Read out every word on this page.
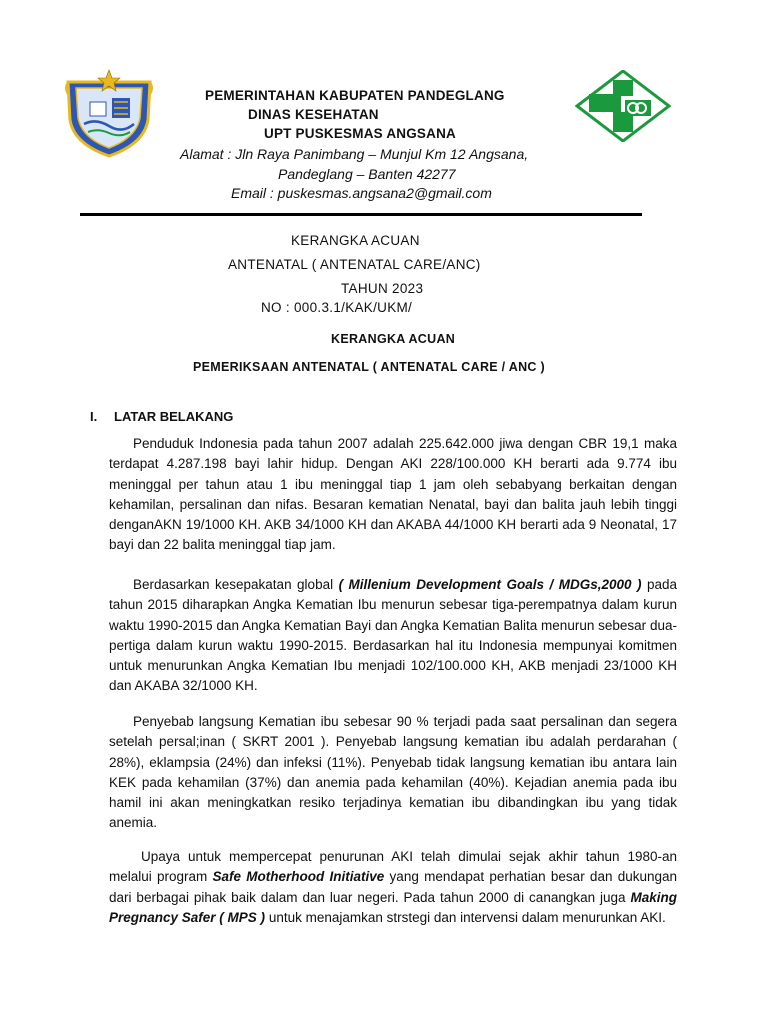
PEMERINTAHAN KABUPATEN PANDEGLANG
DINAS KESEHATAN
UPT PUSKESMAS ANGSANA
Alamat : Jln Raya Panimbang – Munjul Km 12 Angsana,
Pandeglang – Banten 42277
Email : puskesmas.angsana2@gmail.com
KERANGKA ACUAN
ANTENATAL ( ANTENATAL CARE/ANC)
TAHUN 2023
NO : 000.3.1/KAK/UKM/
KERANGKA ACUAN
PEMERIKSAAN ANTENATAL ( ANTENATAL CARE / ANC )
I. LATAR BELAKANG
Penduduk Indonesia pada tahun 2007 adalah 225.642.000 jiwa dengan CBR 19,1 maka terdapat 4.287.198 bayi lahir hidup. Dengan AKI 228/100.000 KH berarti ada 9.774 ibu meninggal per tahun atau 1 ibu meninggal tiap 1 jam oleh sebabyang berkaitan dengan kehamilan, persalinan dan nifas. Besaran kematian Nenatal, bayi dan balita jauh lebih tinggi denganAKN 19/1000 KH. AKB 34/1000 KH dan AKABA 44/1000 KH berarti ada 9 Neonatal, 17 bayi dan 22 balita meninggal tiap jam.
Berdasarkan kesepakatan global ( Millenium Development Goals / MDGs,2000 ) pada tahun 2015 diharapkan Angka Kematian Ibu menurun sebesar tiga-perempatnya dalam kurun waktu 1990-2015 dan Angka Kematian Bayi dan Angka Kematian Balita menurun sebesar dua-pertiga dalam kurun waktu 1990-2015. Berdasarkan hal itu Indonesia mempunyai komitmen untuk menurunkan Angka Kematian Ibu menjadi 102/100.000 KH, AKB menjadi 23/1000 KH dan AKABA 32/1000 KH.
Penyebab langsung Kematian ibu sebesar 90 % terjadi pada saat persalinan dan segera setelah persal;inan ( SKRT 2001 ). Penyebab langsung kematian ibu adalah perdarahan ( 28%), eklampsia (24%) dan infeksi (11%). Penyebab tidak langsung kematian ibu antara lain KEK pada kehamilan (37%) dan anemia pada kehamilan (40%). Kejadian anemia pada ibu hamil ini akan meningkatkan resiko terjadinya kematian ibu dibandingkan ibu yang tidak anemia.
Upaya untuk mempercepat penurunan AKI telah dimulai sejak akhir tahun 1980-an melalui program Safe Motherhood Initiative yang mendapat perhatian besar dan dukungan dari berbagai pihak baik dalam dan luar negeri. Pada tahun 2000 di canangkan juga Making Pregnancy Safer ( MPS ) untuk menajamkan strstegi dan intervensi dalam menurunkan AKI.
